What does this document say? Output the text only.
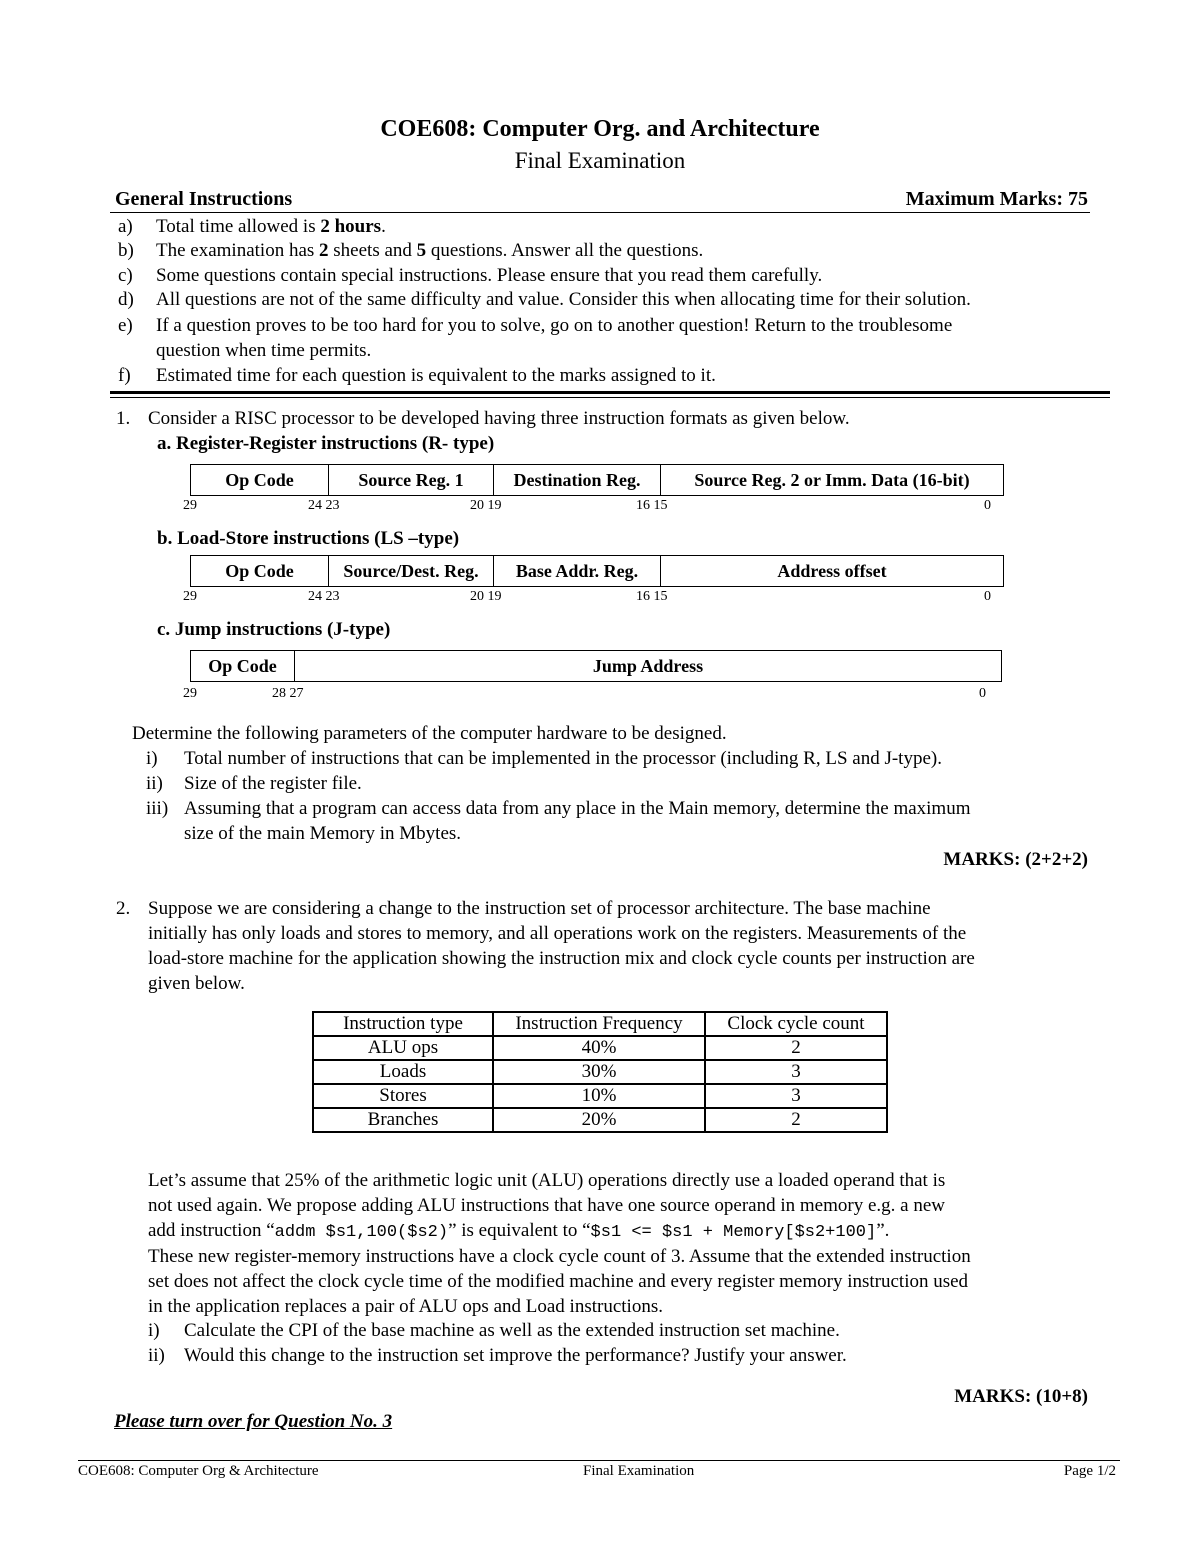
COE608: Computer Org. and Architecture
Final Examination
General Instructions	Maximum Marks: 75
a)	Total time allowed is 2 hours.
b)	The examination has 2 sheets and 5 questions. Answer all the questions.
c)	Some questions contain special instructions. Please ensure that you read them carefully.
d)	All questions are not of the same difficulty and value. Consider this when allocating time for their solution.
e)	If a question proves to be too hard for you to solve, go on to another question! Return to the troublesome
question when time permits.
f)	Estimated time for each question is equivalent to the marks assigned to it.
1. Consider a RISC processor to be developed having three instruction formats as given below.
a. Register-Register instructions (R- type)
Op Code	Source Reg. 1	Destination Reg.	Source Reg. 2 or Imm. Data (16-bit)
29	24 23	20 19	16 15	0
b. Load-Store instructions (LS –type)
Op Code	Source/Dest. Reg.	Base Addr. Reg.	Address offset
29	24 23	20 19	16 15	0
c. Jump instructions (J-type)
Op Code	Jump Address
29	28 27	0
Determine the following parameters of the computer hardware to be designed.
i) Total number of instructions that can be implemented in the processor (including R, LS and J-type).
ii) Size of the register file.
iii) Assuming that a program can access data from any place in the Main memory, determine the maximum
size of the main Memory in Mbytes.
MARKS: (2+2+2)
2. Suppose we are considering a change to the instruction set of processor architecture. The base machine
initially has only loads and stores to memory, and all operations work on the registers. Measurements of the
load-store machine for the application showing the instruction mix and clock cycle counts per instruction are
given below.
Instruction type	Instruction Frequency	Clock cycle count
ALU ops	40%	2
Loads	30%	3
Stores	10%	3
Branches	20%	2
Let’s assume that 25% of the arithmetic logic unit (ALU) operations directly use a loaded operand that is
not used again. We propose adding ALU instructions that have one source operand in memory e.g. a new
add instruction “addm $s1,100($s2)” is equivalent to “$s1 <= $s1 + Memory[$s2+100]”.
These new register-memory instructions have a clock cycle count of 3. Assume that the extended instruction
set does not affect the clock cycle time of the modified machine and every register memory instruction used
in the application replaces a pair of ALU ops and Load instructions.
i) Calculate the CPI of the base machine as well as the extended instruction set machine.
ii) Would this change to the instruction set improve the performance? Justify your answer.
MARKS: (10+8)
Please turn over for Question No. 3
COE608: Computer Org & Architecture	Final Examination	Page 1/2
